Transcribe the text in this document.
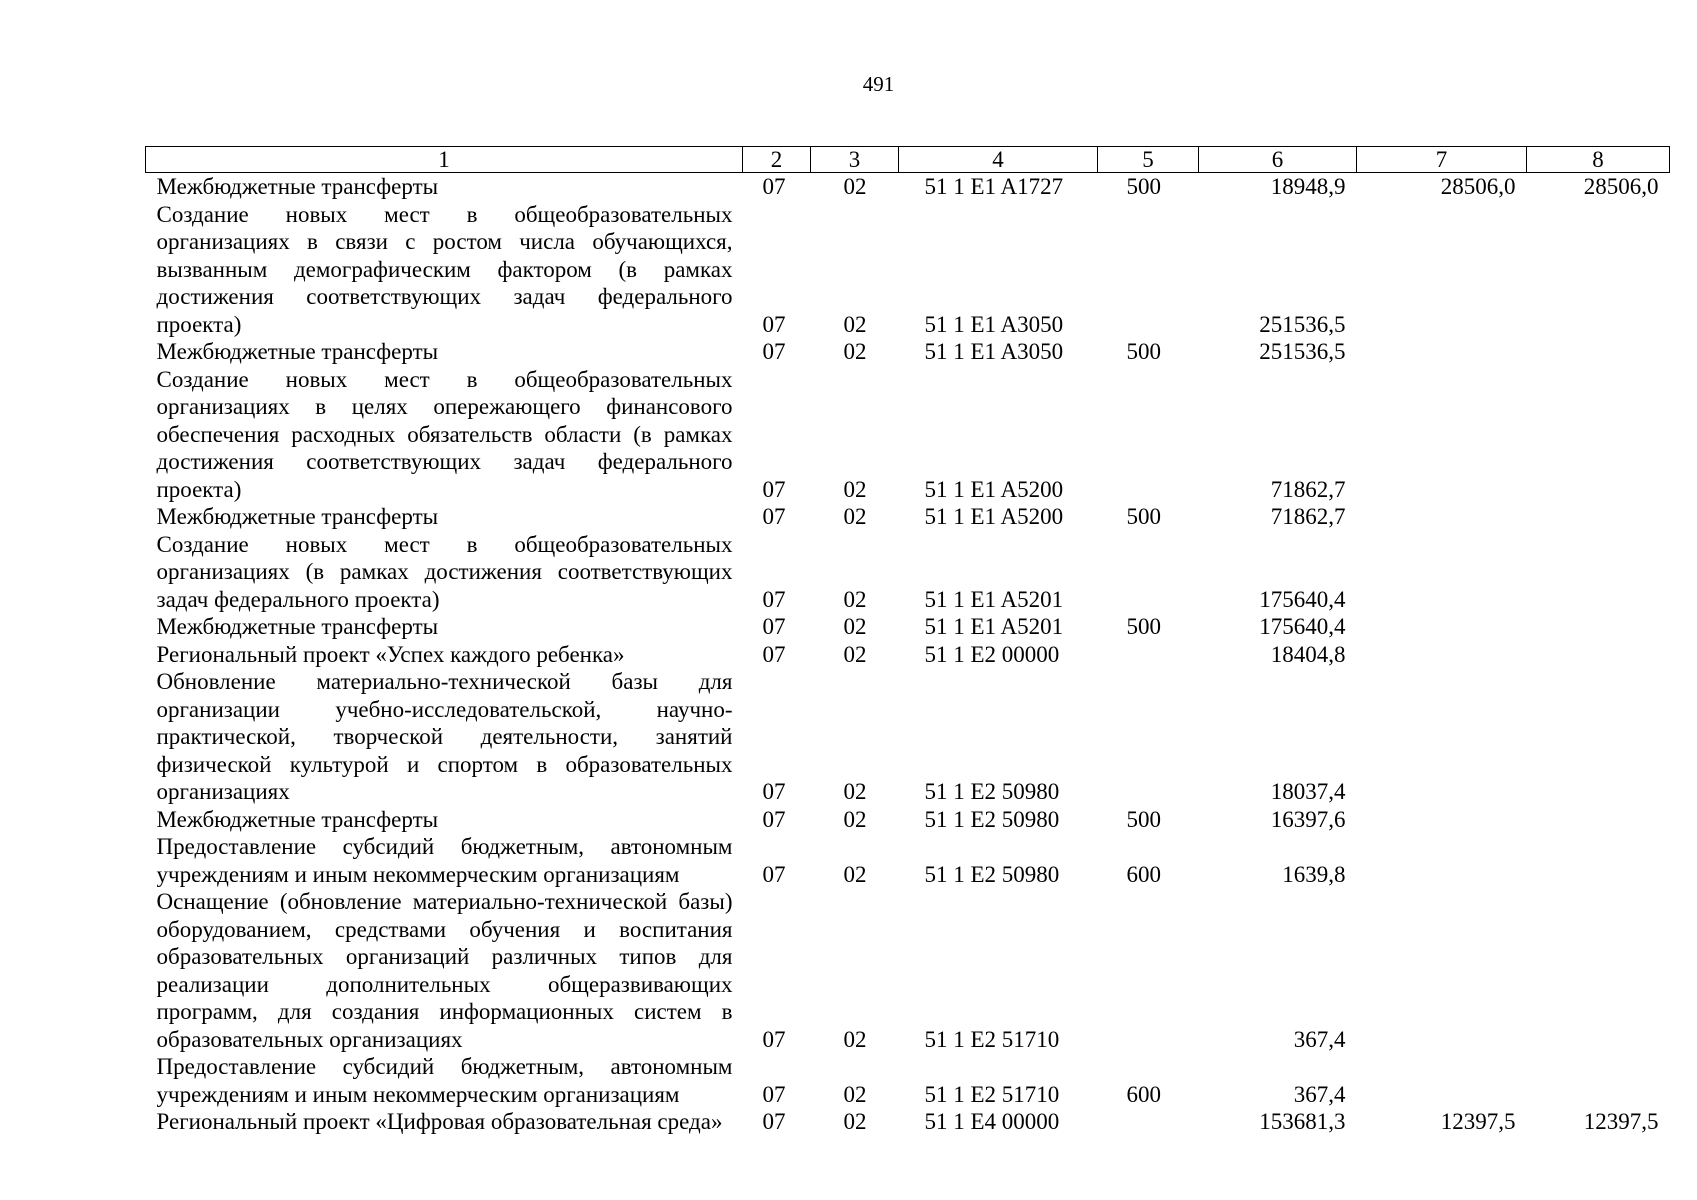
491
1	2	3	4	5	6	7	8
Межбюджетные трансферты	07	02	51 1 E1 A1727	500	18948,9	28506,0	28506,0
Создание новых мест в общеобразовательных организациях в связи с ростом числа обучающихся, вызванным демографическим фактором (в рамках достижения соответствующих задач федерального проекта)	07	02	51 1 E1 A3050		251536,5		
Межбюджетные трансферты	07	02	51 1 E1 A3050	500	251536,5		
Создание новых мест в общеобразовательных организациях в целях опережающего финансового обеспечения расходных обязательств области (в рамках достижения соответствующих задач федерального проекта)	07	02	51 1 E1 A5200		71862,7		
Межбюджетные трансферты	07	02	51 1 E1 A5200	500	71862,7		
Создание новых мест в общеобразовательных организациях (в рамках достижения соответствующих задач федерального проекта)	07	02	51 1 E1 A5201		175640,4		
Межбюджетные трансферты	07	02	51 1 E1 A5201	500	175640,4		
Региональный проект «Успех каждого ребенка»	07	02	51 1 E2 00000		18404,8		
Обновление материально-технической базы для организации учебно-исследовательской, научно-практической, творческой деятельности, занятий физической культурой и спортом в образовательных организациях	07	02	51 1 E2 50980		18037,4		
Межбюджетные трансферты	07	02	51 1 E2 50980	500	16397,6		
Предоставление субсидий бюджетным, автономным учреждениям и иным некоммерческим организациям	07	02	51 1 E2 50980	600	1639,8		
Оснащение (обновление материально-технической базы) оборудованием, средствами обучения и воспитания образовательных организаций различных типов для реализации дополнительных общеразвивающих программ, для создания информационных систем в образовательных организациях	07	02	51 1 E2 51710		367,4		
Предоставление субсидий бюджетным, автономным учреждениям и иным некоммерческим организациям	07	02	51 1 E2 51710	600	367,4		
Региональный проект «Цифровая образовательная среда»	07	02	51 1 E4 00000		153681,3	12397,5	12397,5
